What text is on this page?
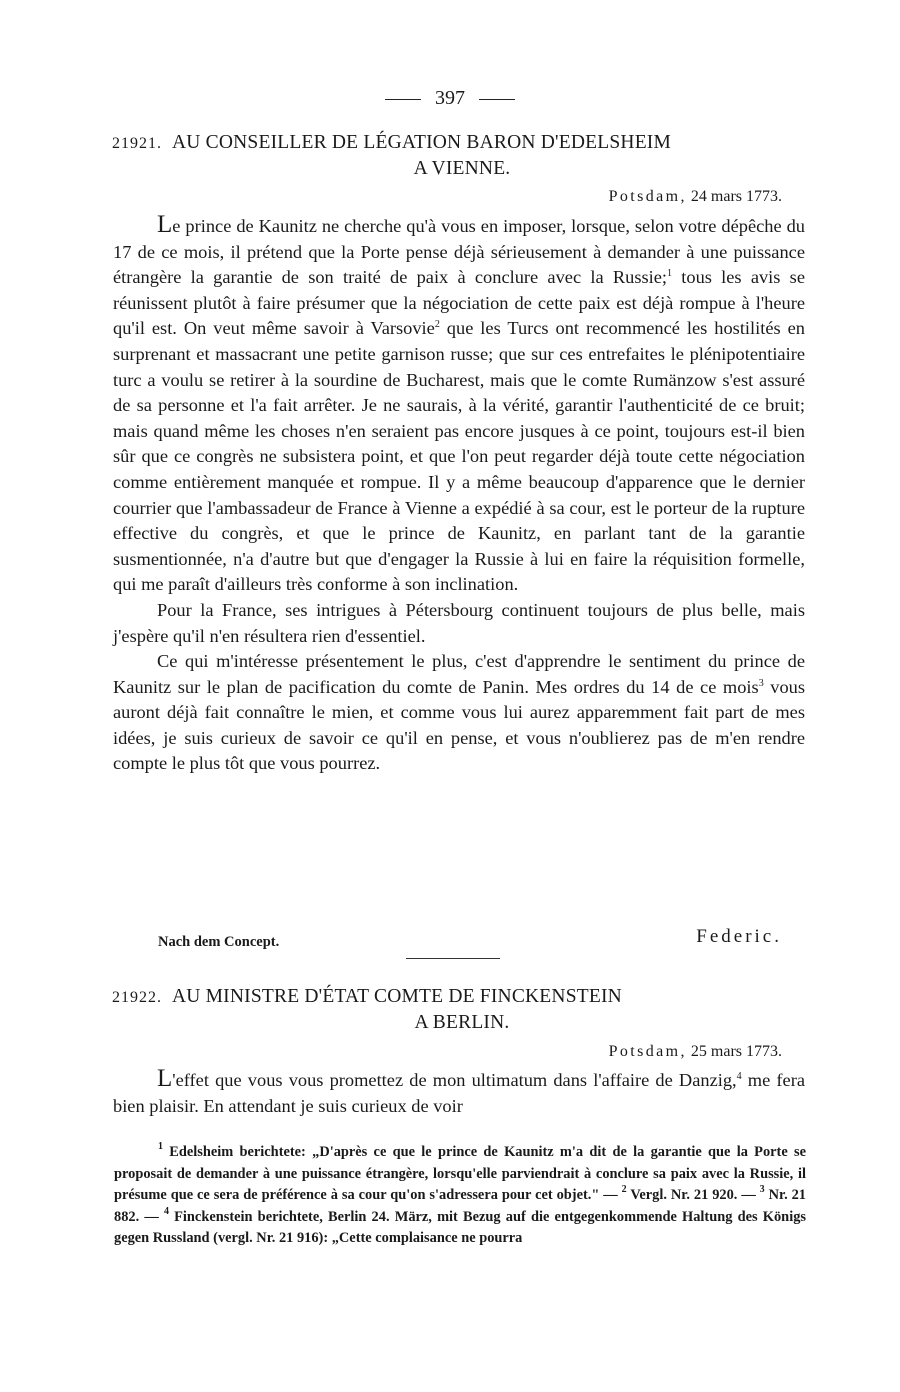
397
21921. AU CONSEILLER DE LÉGATION BARON D'EDELSHEIM
A VIENNE.
Potsdam, 24 mars 1773.

Le prince de Kaunitz ne cherche qu'à vous en imposer, lorsque, selon votre dépêche du 17 de ce mois, il prétend que la Porte pense déjà sérieusement à demander à une puissance étrangère la garantie de son traité de paix à conclure avec la Russie;$^1$ tous les avis se réunissent plutôt à faire présumer que la négociation de cette paix est déjà rompue à l'heure qu'il est. On veut même savoir à Varsovie$^2$ que les Turcs ont recommencé les hostilités en surprenant et massacrant une petite garnison russe; que sur ces entrefaites le plénipotentiaire turc a voulu se retirer à la sourdine de Bucharest, mais que le comte Rumänzow s'est assuré de sa personne et l'a fait arrêter. Je ne saurais, à la vérité, garantir l'authenticité de ce bruit; mais quand même les choses n'en seraient pas encore jusques à ce point, toujours est-il bien sûr que ce congrès ne subsistera point, et que l'on peut regarder déjà toute cette négociation comme entièrement manquée et rompue. Il y a même beaucoup d'apparence que le dernier courrier que l'ambassadeur de France à Vienne a expédié à sa cour, est le porteur de la rupture effective du congrès, et que le prince de Kaunitz, en parlant tant de la garantie susmentionnée, n'a d'autre but que d'engager la Russie à lui en faire la réquisition formelle, qui me paraît d'ailleurs très conforme à son inclination.

Pour la France, ses intrigues à Pétersbourg continuent toujours de plus belle, mais j'espère qu'il n'en résultera rien d'essentiel.

Ce qui m'intéresse présentement le plus, c'est d'apprendre le sentiment du prince de Kaunitz sur le plan de pacification du comte de Panin. Mes ordres du 14 de ce mois$^3$ vous auront déjà fait connaître le mien, et comme vous lui aurez apparemment fait part de mes idées, je suis curieux de savoir ce qu'il en pense, et vous n'oublierez pas de m'en rendre compte le plus tôt que vous pourrez.

Nach dem Concept.	Federic.
21922. AU MINISTRE D'ÉTAT COMTE DE FINCKENSTEIN
A BERLIN.
Potsdam, 25 mars 1773.

L'effet que vous vous promettez de mon ultimatum dans l'affaire de Danzig,$^4$ me fera bien plaisir. En attendant je suis curieux de voir

$^1$ Edelsheim berichtete: „D'après ce que le prince de Kaunitz m'a dit de la garantie que la Porte se proposait de demander à une puissance étrangère, lorsqu'elle parviendrait à conclure sa paix avec la Russie, il présume que ce sera de préférence à sa cour qu'on s'adressera pour cet objet." — $^2$ Vergl. Nr. 21 920. — $^3$ Nr. 21 882. — $^4$ Finckenstein berichtete, Berlin 24. März, mit Bezug auf die entgegenkommende Haltung des Königs gegen Russland (vergl. Nr. 21 916): „Cette complaisance ne pourra
